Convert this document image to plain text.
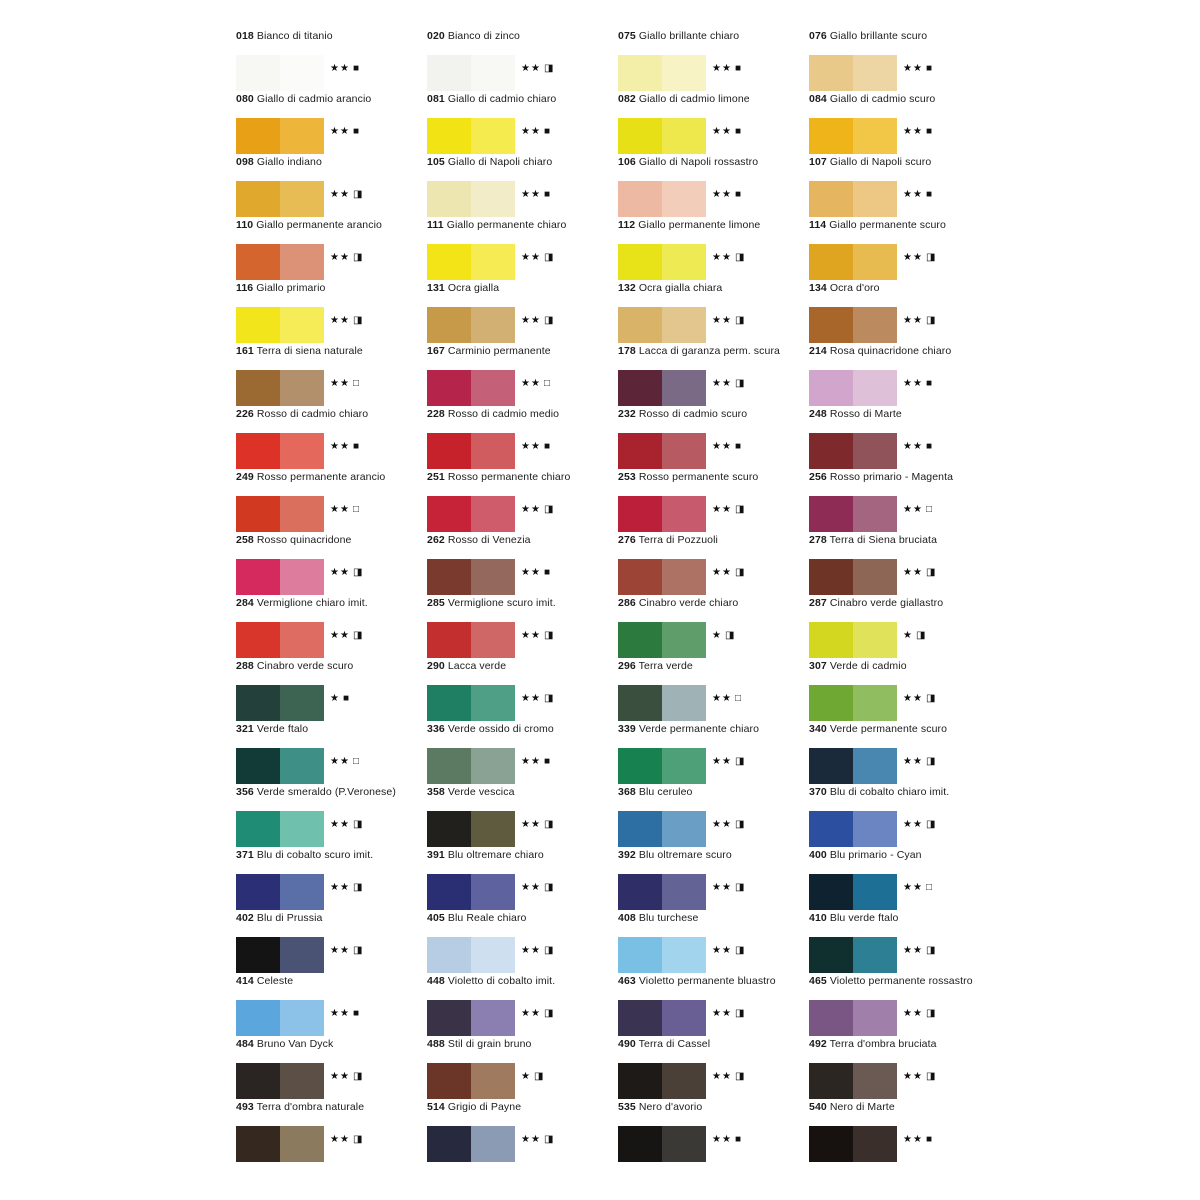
018 Bianco di titanio
★★ ■
020 Bianco di zinco
★★ ◨
075 Giallo brillante chiaro
★★ ■
076 Giallo brillante scuro
★★ ■
080 Giallo di cadmio arancio
★★ ■
081 Giallo di cadmio chiaro
★★ ■
082 Giallo di cadmio limone
★★ ■
084 Giallo di cadmio scuro
★★ ■
098 Giallo indiano
★★ ◨
105 Giallo di Napoli chiaro
★★ ■
106 Giallo di Napoli rossastro
★★ ■
107 Giallo di Napoli scuro
★★ ■
110 Giallo permanente arancio
★★ ◨
111 Giallo permanente chiaro
★★ ◨
112 Giallo permanente limone
★★ ◨
114 Giallo permanente scuro
★★ ◨
116 Giallo primario
★★ ◨
131 Ocra gialla
★★ ◨
132 Ocra gialla chiara
★★ ◨
134 Ocra d'oro
★★ ◨
161 Terra di siena naturale
★★ □
167 Carminio permanente
★★ □
178 Lacca di garanza perm. scura
★★ ◨
214 Rosa quinacridone chiaro
★★ ■
226 Rosso di cadmio chiaro
★★ ■
228 Rosso di cadmio medio
★★ ■
232 Rosso di cadmio scuro
★★ ■
248 Rosso di Marte
★★ ■
249 Rosso permanente arancio
★★ □
251 Rosso permanente chiaro
★★ ◨
253 Rosso permanente scuro
★★ ◨
256 Rosso primario - Magenta
★★ □
258 Rosso quinacridone
★★ ◨
262 Rosso di Venezia
★★ ■
276 Terra di Pozzuoli
★★ ◨
278 Terra di Siena bruciata
★★ ◨
284 Vermiglione chiaro imit.
★★ ◨
285 Vermiglione scuro imit.
★★ ◨
286 Cinabro verde chiaro
★ ◨
287 Cinabro verde giallastro
★ ◨
288 Cinabro verde scuro
★ ■
290 Lacca verde
★★ ◨
296 Terra verde
★★ □
307 Verde di cadmio
★★ ◨
321 Verde ftalo
★★ □
336 Verde ossido di cromo
★★ ■
339 Verde permanente chiaro
★★ ◨
340 Verde permanente scuro
★★ ◨
356 Verde smeraldo (P.Veronese)
★★ ◨
358 Verde vescica
★★ ◨
368 Blu ceruleo
★★ ◨
370 Blu di cobalto chiaro imit.
★★ ◨
371 Blu di cobalto scuro imit.
★★ ◨
391 Blu oltremare chiaro
★★ ◨
392 Blu oltremare scuro
★★ ◨
400 Blu primario - Cyan
★★ □
402 Blu di Prussia
★★ ◨
405 Blu Reale chiaro
★★ ◨
408 Blu turchese
★★ ◨
410 Blu verde ftalo
★★ ◨
414 Celeste
★★ ■
448 Violetto di cobalto imit.
★★ ◨
463 Violetto permanente bluastro
★★ ◨
465 Violetto permanente rossastro
★★ ◨
484 Bruno Van Dyck
★★ ◨
488 Stil di grain bruno
★ ◨
490 Terra di Cassel
★★ ◨
492 Terra d'ombra bruciata
★★ ◨
493 Terra d'ombra naturale
★★ ◨
514 Grigio di Payne
★★ ◨
535 Nero d'avorio
★★ ■
540 Nero di Marte
★★ ■
